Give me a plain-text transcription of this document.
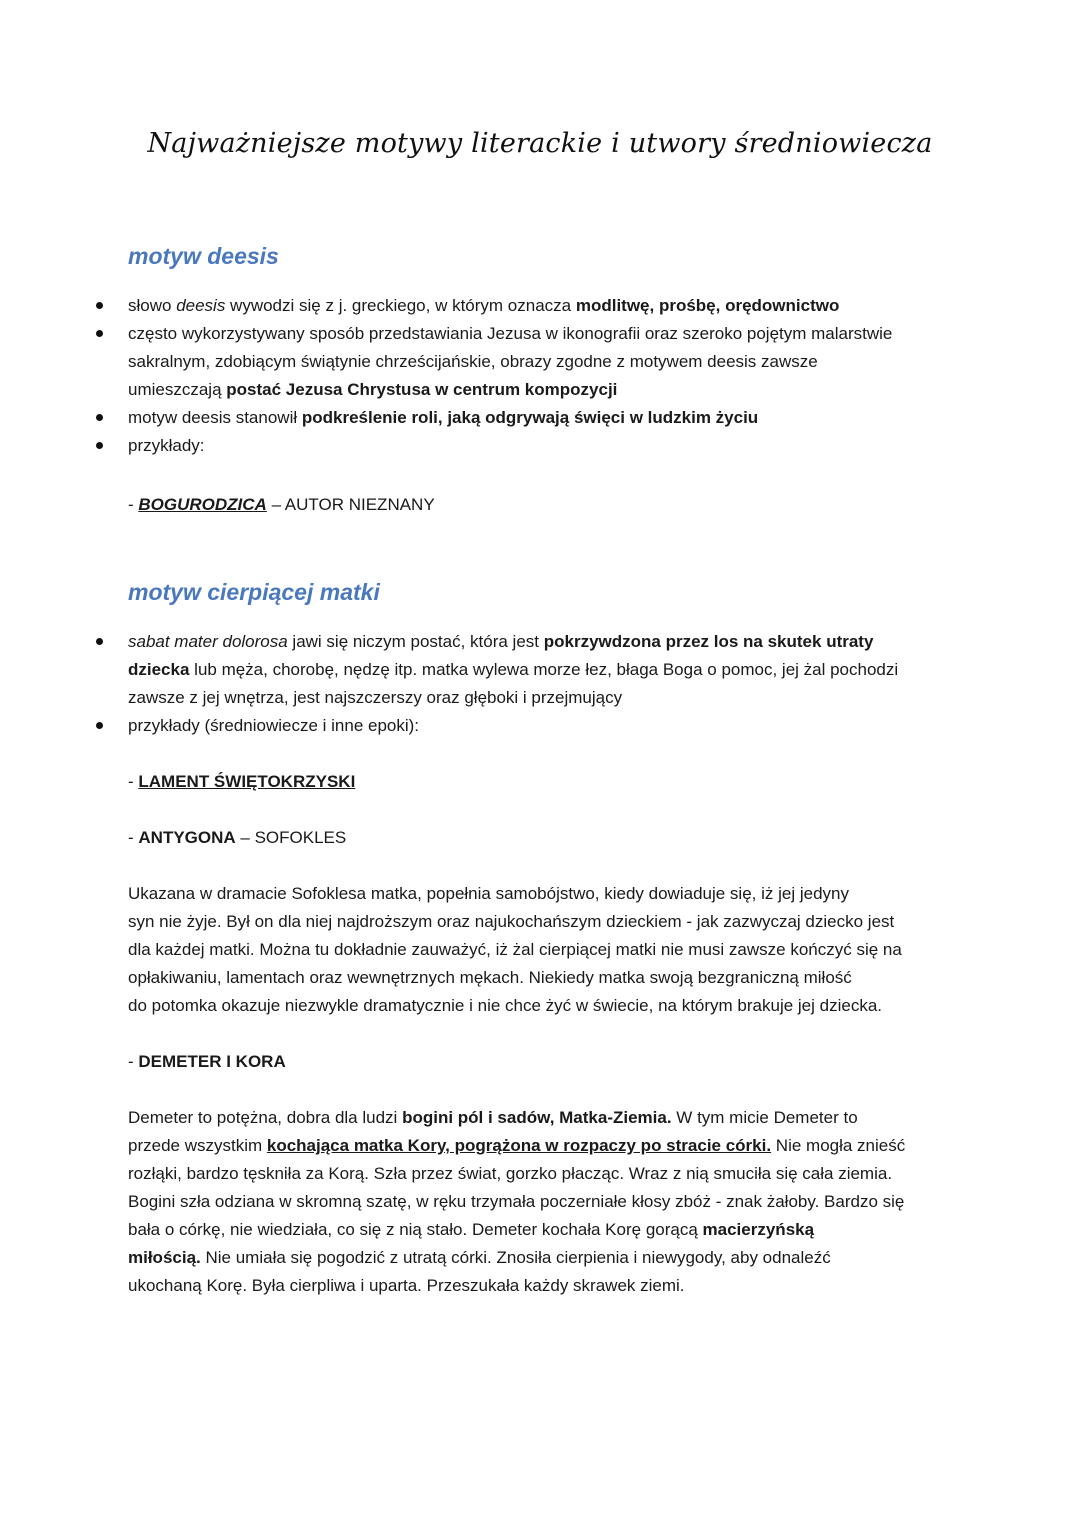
Najważniejsze motywy literackie i utwory średniowiecza
motyw deesis
słowo deesis wywodzi się z j. greckiego, w którym oznacza modlitwę, prośbę, orędownictwo
często wykorzystywany sposób przedstawiania Jezusa w ikonografii oraz szeroko pojętym malarstwie
sakralnym, zdobiącym świątynie chrześcijańskie, obrazy zgodne z motywem deesis zawsze
umieszczają postać Jezusa Chrystusa w centrum kompozycji
motyw deesis stanowił podkreślenie roli, jaką odgrywają święci w ludzkim życiu
przykłady:
- BOGURODZICA – AUTOR NIEZNANY
motyw cierpiącej matki
sabat mater dolorosa jawi się niczym postać, która jest pokrzywdzona przez los na skutek utraty
dziecka lub męża, chorobę, nędzę itp. matka wylewa morze łez, błaga Boga o pomoc, jej żal pochodzi
zawsze z jej wnętrza, jest najszczerszy oraz głęboki i przejmujący
przykłady (średniowiecze i inne epoki):
- LAMENT ŚWIĘTOKRZYSKI
- ANTYGONA – SOFOKLES
Ukazana w dramacie Sofoklesa matka, popełnia samobójstwo, kiedy dowiaduje się, iż jej jedyny
syn nie żyje. Był on dla niej najdroższym oraz najukochańszym dzieckiem - jak zazwyczaj dziecko jest
dla każdej matki. Można tu dokładnie zauważyć, iż żal cierpiącej matki nie musi zawsze kończyć się na
opłakiwaniu, lamentach oraz wewnętrznych mękach. Niekiedy matka swoją bezgraniczną miłość
do potomka okazuje niezwykle dramatycznie i nie chce żyć w świecie, na którym brakuje jej dziecka.
- DEMETER I KORA
Demeter to potężna, dobra dla ludzi bogini pól i sadów, Matka-Ziemia. W tym micie Demeter to
przede wszystkim kochająca matka Kory, pogrążona w rozpaczy po stracie córki. Nie mogła znieść
rozłąki, bardzo tęskniła za Korą. Szła przez świat, gorzko płacząc. Wraz z nią smuciła się cała ziemia.
Bogini szła odziana w skromną szatę, w ręku trzymała poczerniałe kłosy zbóż - znak żałoby. Bardzo się
bała o córkę, nie wiedziała, co się z nią stało. Demeter kochała Korę gorącą macierzyńską
miłością. Nie umiała się pogodzić z utratą córki. Znosiła cierpienia i niewygody, aby odnaleźć
ukochaną Korę. Była cierpliwa i uparta. Przeszukała każdy skrawek ziemi.
